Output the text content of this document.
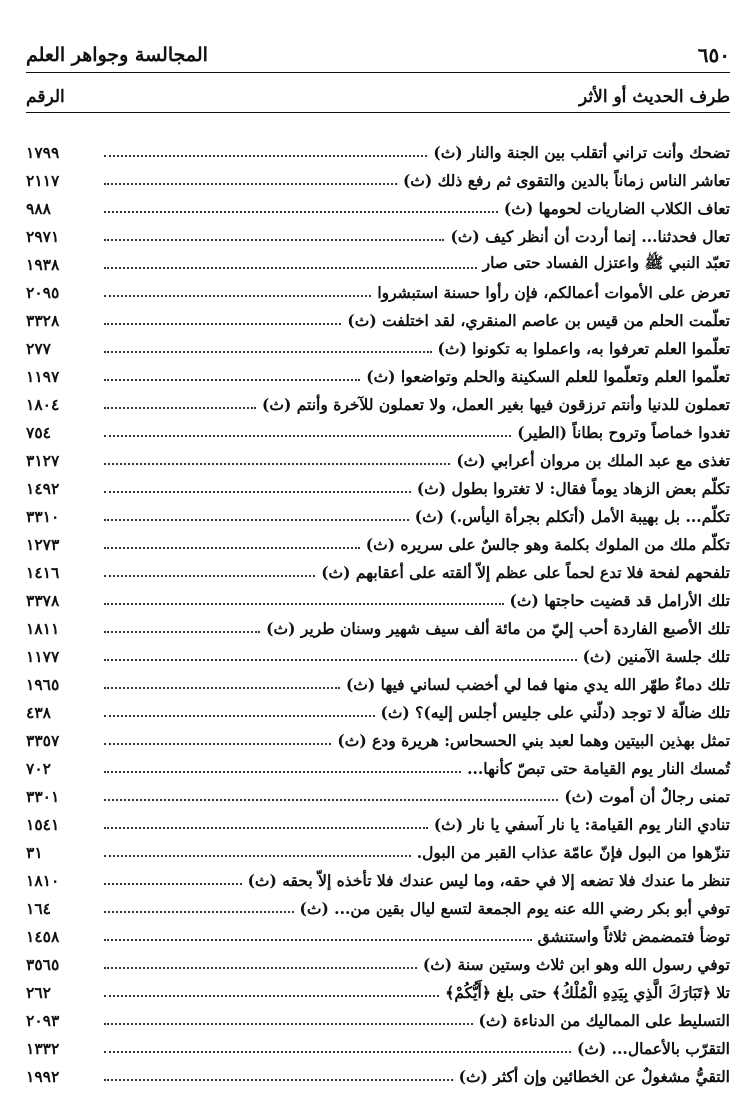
٦٥٠
المجالسة وجواهر العلم
طرف الحديث أو الأثر
الرقم
تضحك وأنت تراني أتقلب بين الجنة والنار (ث)
١٧٩٩
تعاشر الناس زماناً بالدين والتقوى ثم رفع ذلك (ث)
٢١١٧
تعاف الكلاب الضاريات لحومها (ث)
٩٨٨
تعال فحدثنا... إنما أردت أن أنظر كيف (ث)
٢٩٧١
تعبّد النبي ﷺ واعتزل الفساد حتى صار
١٩٣٨
تعرض على الأموات أعمالكم، فإن رأوا حسنة استبشروا
٢٠٩٥
تعلّمت الحلم من قيس بن عاصم المنقري، لقد اختلفت (ث)
٣٣٢٨
تعلّموا العلم تعرفوا به، واعملوا به تكونوا (ث)
٢٧٧
تعلّموا العلم وتعلّموا للعلم السكينة والحلم وتواضعوا (ث)
١١٩٧
تعملون للدنيا وأنتم ترزقون فيها بغير العمل، ولا تعملون للآخرة وأنتم (ث)
١٨٠٤
تغدوا خماصاً وتروح بطاناً (الطير)
٧٥٤
تغذى مع عبد الملك بن مروان أعرابي (ث)
٣١٢٧
تكلّم بعض الزهاد يوماً فقال: لا تغتروا بطول (ث)
١٤٩٢
تكلّم... بل بهيبة الأمل (أتكلم بجرأة اليأس.) (ث)
٣٣١٠
تكلّم ملك من الملوك بكلمة وهو جالسٌ على سريره (ث)
١٢٧٣
تلفحهم لفحة فلا تدع لحماً على عظم إلاّ ألقته على أعقابهم (ث)
١٤١٦
تلك الأرامل قد قضيت حاجتها (ث)
٣٣٧٨
تلك الأصبع الفاردة أحب إليّ من مائة ألف سيف شهير وسنان طرير (ث)
١٨١١
تلك جلسة الآمنين (ث)
١١٧٧
تلك دماءٌ طهّر الله يدي منها فما لي أخضب لساني فيها (ث)
١٩٦٥
تلك ضالّة لا توجد (دلّني على جليس أجلس إليه)؟ (ث)
٤٣٨
تمثل بهذين البيتين وهما لعبد بني الحسحاس: هريرة ودع (ث)
٣٣٥٧
تُمسك النار يوم القيامة حتى تبصّ كأنها...
٧٠٢
تمنى رجالٌ أن أموت (ث)
٣٣٠١
تنادي النار يوم القيامة: يا نار آسفي يا نار (ث)
١٥٤١
تنزّهوا من البول فإنّ عامّة عذاب القبر من البول.
٣١
تنظر ما عندك فلا تضعه إلا في حقه، وما ليس عندك فلا تأخذه إلاّ بحقه (ث)
١٨١٠
توفي أبو بكر رضي الله عنه يوم الجمعة لتسع ليال بقين من... (ث)
١٦٤
توضأ فتمضمض ثلاثاً واستنشق
١٤٥٨
توفي رسول الله وهو ابن ثلاث وستين سنة (ث)
٣٥٦٥
تلا ﴿تَبَارَكَ الَّذِي بِيَدِهِ الْمُلْكُ﴾ حتى بلغ ﴿أَيُّكُمْ﴾
٢٦٢
التسليط على المماليك من الدناءة (ث)
٢٠٩٣
التقرّب بالأعمال... (ث)
١٣٣٢
التقيُّ مشغولٌ عن الخطائين وإن أكثر (ث)
١٩٩٢
